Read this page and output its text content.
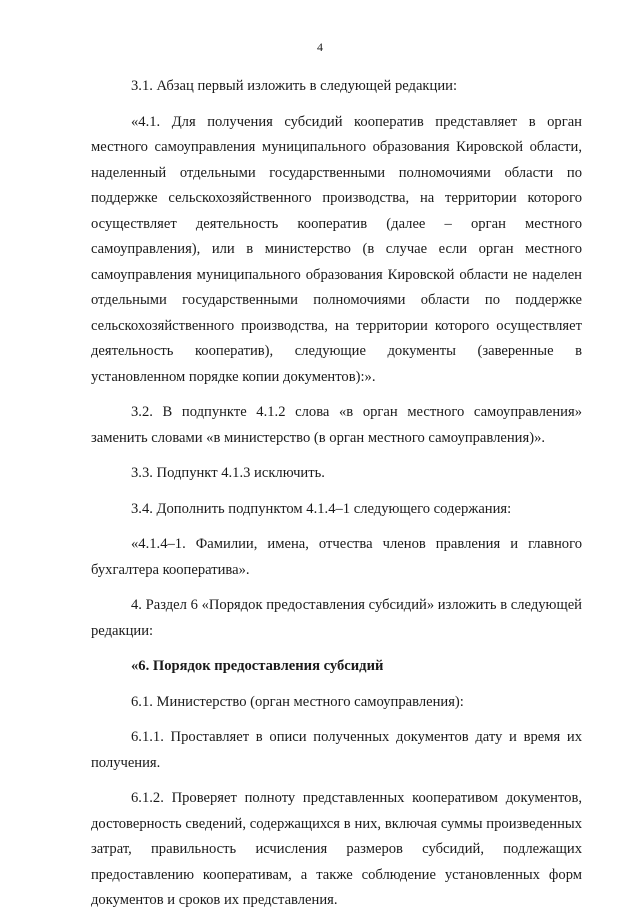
4

3.1. Абзац первый изложить в следующей редакции:

«4.1. Для получения субсидий кооператив представляет в орган местного самоуправления муниципального образования Кировской области, наделенный отдельными государственными полномочиями области по поддержке сельскохозяйственного производства, на территории которого осуществляет деятельность кооператив (далее – орган местного самоуправления), или в министерство (в случае если орган местного самоуправления муниципального образования Кировской области не наделен отдельными государственными полномочиями области по поддержке сельскохозяйственного производства, на территории которого осуществляет деятельность кооператив), следующие документы (заверенные в установленном порядке копии документов):».

3.2. В подпункте 4.1.2 слова «в орган местного самоуправления» заменить словами «в министерство (в орган местного самоуправления)».

3.3. Подпункт 4.1.3 исключить.

3.4. Дополнить подпунктом 4.1.4–1 следующего содержания:

«4.1.4–1. Фамилии, имена, отчества членов правления и главного бухгалтера кооператива».

4. Раздел 6 «Порядок предоставления субсидий» изложить в следующей редакции:

«6. Порядок предоставления субсидий

6.1. Министерство (орган местного самоуправления):

6.1.1. Проставляет в описи полученных документов дату и время их получения.

6.1.2. Проверяет полноту представленных кооперативом документов, достоверность сведений, содержащихся в них, включая суммы произведенных затрат, правильность исчисления размеров субсидий, подлежащих предоставлению кооперативам, а также соблюдение установленных форм документов и сроков их представления.
